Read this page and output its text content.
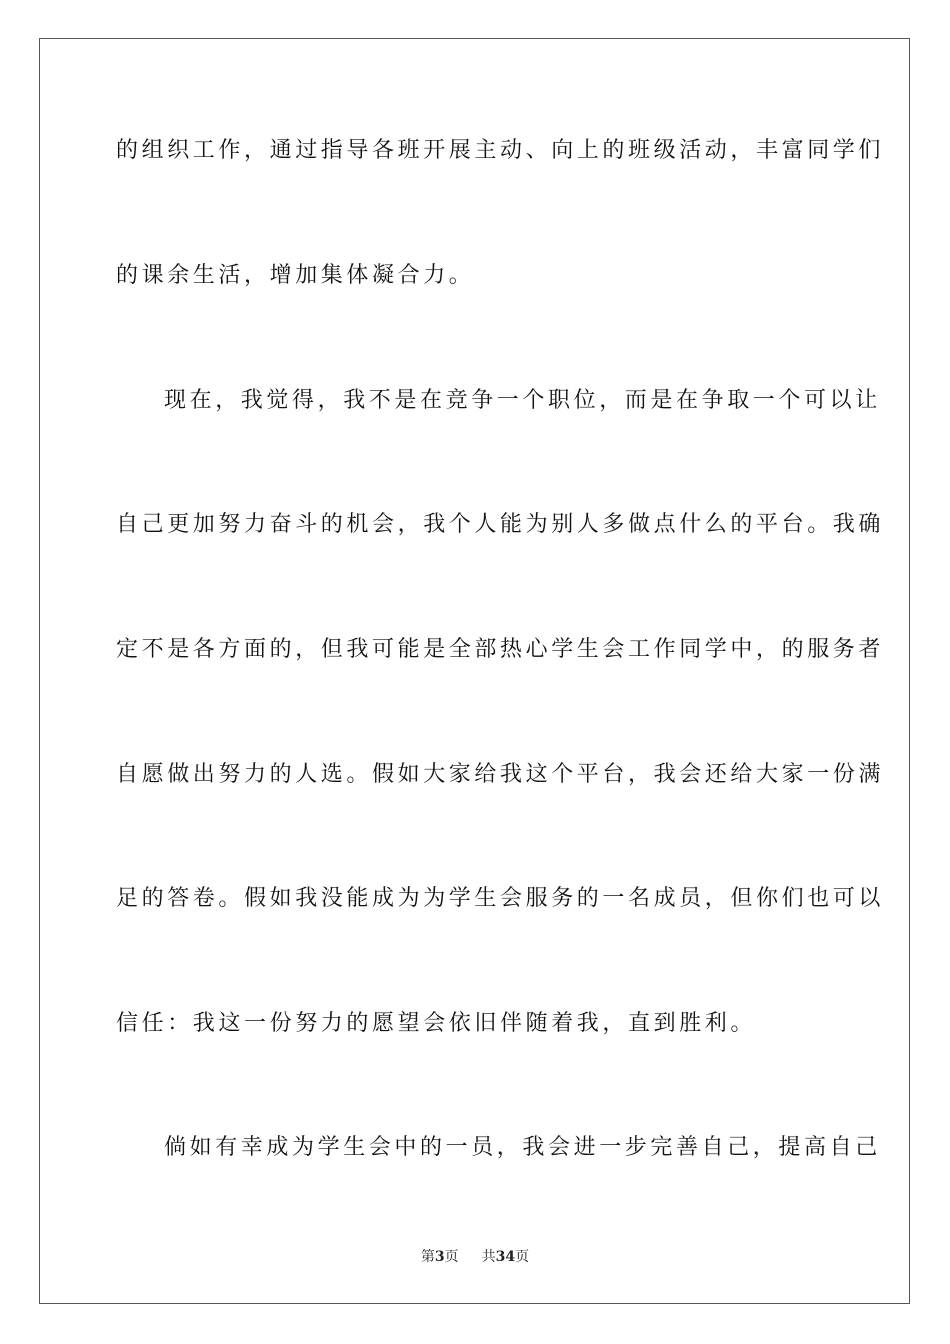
的组织工作，通过指导各班开展主动、向上的班级活动，丰富同学们
的课余生活，增加集体凝合力。
现在，我觉得，我不是在竞争一个职位，而是在争取一个可以让
自己更加努力奋斗的机会，我个人能为别人多做点什么的平台。我确
定不是各方面的，但我可能是全部热心学生会工作同学中，的服务者
自愿做出努力的人选。假如大家给我这个平台，我会还给大家一份满
足的答卷。假如我没能成为为学生会服务的一名成员，但你们也可以
信任：我这一份努力的愿望会依旧伴随着我，直到胜利。
倘如有幸成为学生会中的一员，我会进一步完善自己，提高自己
第3页 共34页
